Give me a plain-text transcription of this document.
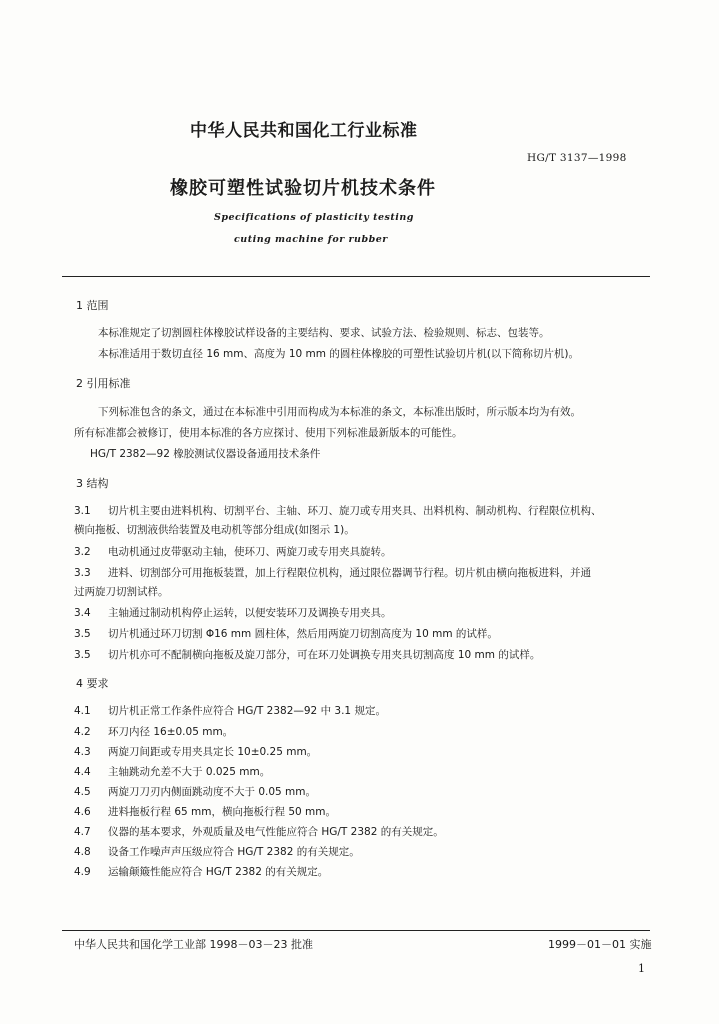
中华人民共和国化工行业标准
HG/T 3137—1998
橡胶可塑性试验切片机技术条件
Specifications of plasticity testing
cuting machine for rubber
1 范围
本标准规定了切割圆柱体橡胶试样设备的主要结构、要求、试验方法、检验规则、标志、包装等。
本标准适用于数切直径 16 mm、高度为 10 mm 的圆柱体橡胶的可塑性试验切片机(以下简称切片机)。
2 引用标准
下列标准包含的条文，通过在本标准中引用而构成为本标准的条文，本标准出版时，所示版本均为有效。
所有标准都会被修订，使用本标准的各方应探讨、使用下列标准最新版本的可能性。
HG/T 2382—92 橡胶测试仪器设备通用技术条件
3 结构
3.1 切片机主要由进料机构、切割平台、主轴、环刀、旋刀或专用夹具、出料机构、制动机构、行程限位机构、
横向拖板、切割液供给装置及电动机等部分组成(如图示 1)。
3.2 电动机通过皮带驱动主轴，使环刀、两旋刀或专用夹具旋转。
3.3 进料、切割部分可用拖板装置，加上行程限位机构，通过限位器调节行程。切片机由横向拖板进料，并通
过两旋刀切割试样。
3.4 主轴通过制动机构停止运转，以便安装环刀及调换专用夹具。
3.5 切片机通过环刀切割 Φ16 mm 圆柱体，然后用两旋刀切割高度为 10 mm 的试样。
3.5 切片机亦可不配制横向拖板及旋刀部分，可在环刀处调换专用夹具切割高度 10 mm 的试样。
4 要求
4.1 切片机正常工作条件应符合 HG/T 2382—92 中 3.1 规定。
4.2 环刀内径 16±0.05 mm。
4.3 两旋刀间距或专用夹具定长 10±0.25 mm。
4.4 主轴跳动允差不大于 0.025 mm。
4.5 两旋刀刀刃内侧面跳动度不大于 0.05 mm。
4.6 进料拖板行程 65 mm，横向拖板行程 50 mm。
4.7 仪器的基本要求，外观质量及电气性能应符合 HG/T 2382 的有关规定。
4.8 设备工作噪声声压级应符合 HG/T 2382 的有关规定。
4.9 运输颠簸性能应符合 HG/T 2382 的有关规定。
中华人民共和国化学工业部 1998－03－23 批准	1999－01－01 实施
1
